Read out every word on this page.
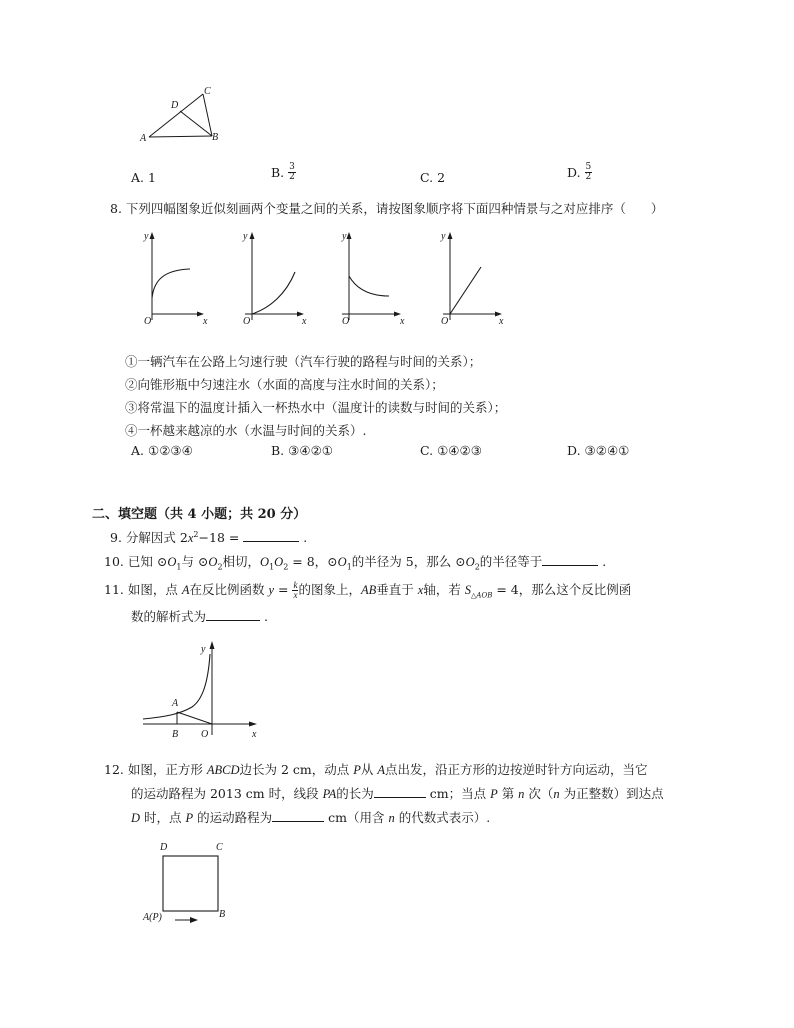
A
D
C
B
A. 1	B. $\frac{3}{2}$	C. 2	D. $\frac{5}{2}$
8. 下列四幅图象近似刻画两个变量之间的关系，请按图象顺序将下面四种情景与之对应排序（　　）
y
O	x
y
O	x
y
O	x
y
O	x
①一辆汽车在公路上匀速行驶（汽车行驶的路程与时间的关系）；
②向锥形瓶中匀速注水（水面的高度与注水时间的关系）；
③将常温下的温度计插入一杯热水中（温度计的读数与时间的关系）；
④一杯越来越凉的水（水温与时间的关系）.
A. ①②③④	B. ③④②①	C. ①④②③	D. ③②④①
二、填空题（共 4 小题；共 20 分）
9. 分解因式 $2x^2-18$ =	.
10. 已知 $⊙O_1$与 $⊙O_2$相切，$O_1O_2 = 8$，$⊙O_1$的半径为 5，那么 $⊙O_2$的半径等于	.
11. 如图，点 A在反比例函数 $y = \frac{k}{x}$ 的图象上，AB垂直于 x轴，若 $S_{\triangle AOB} = 4$，那么这个反比例函
数的解析式为	.
y
A
B O	x
12. 如图，正方形 ABCD边长为 2 cm，动点 P从 A点出发，沿正方形的边按逆时针方向运动，当它
的运动路程为 2013 cm 时，线段 PA的长为	cm；当点 P 第 n 次（n 为正整数）到达点
D 时，点 P 的运动路程为	cm（用含 n 的代数式表示）.
D	C
A(P)	B
